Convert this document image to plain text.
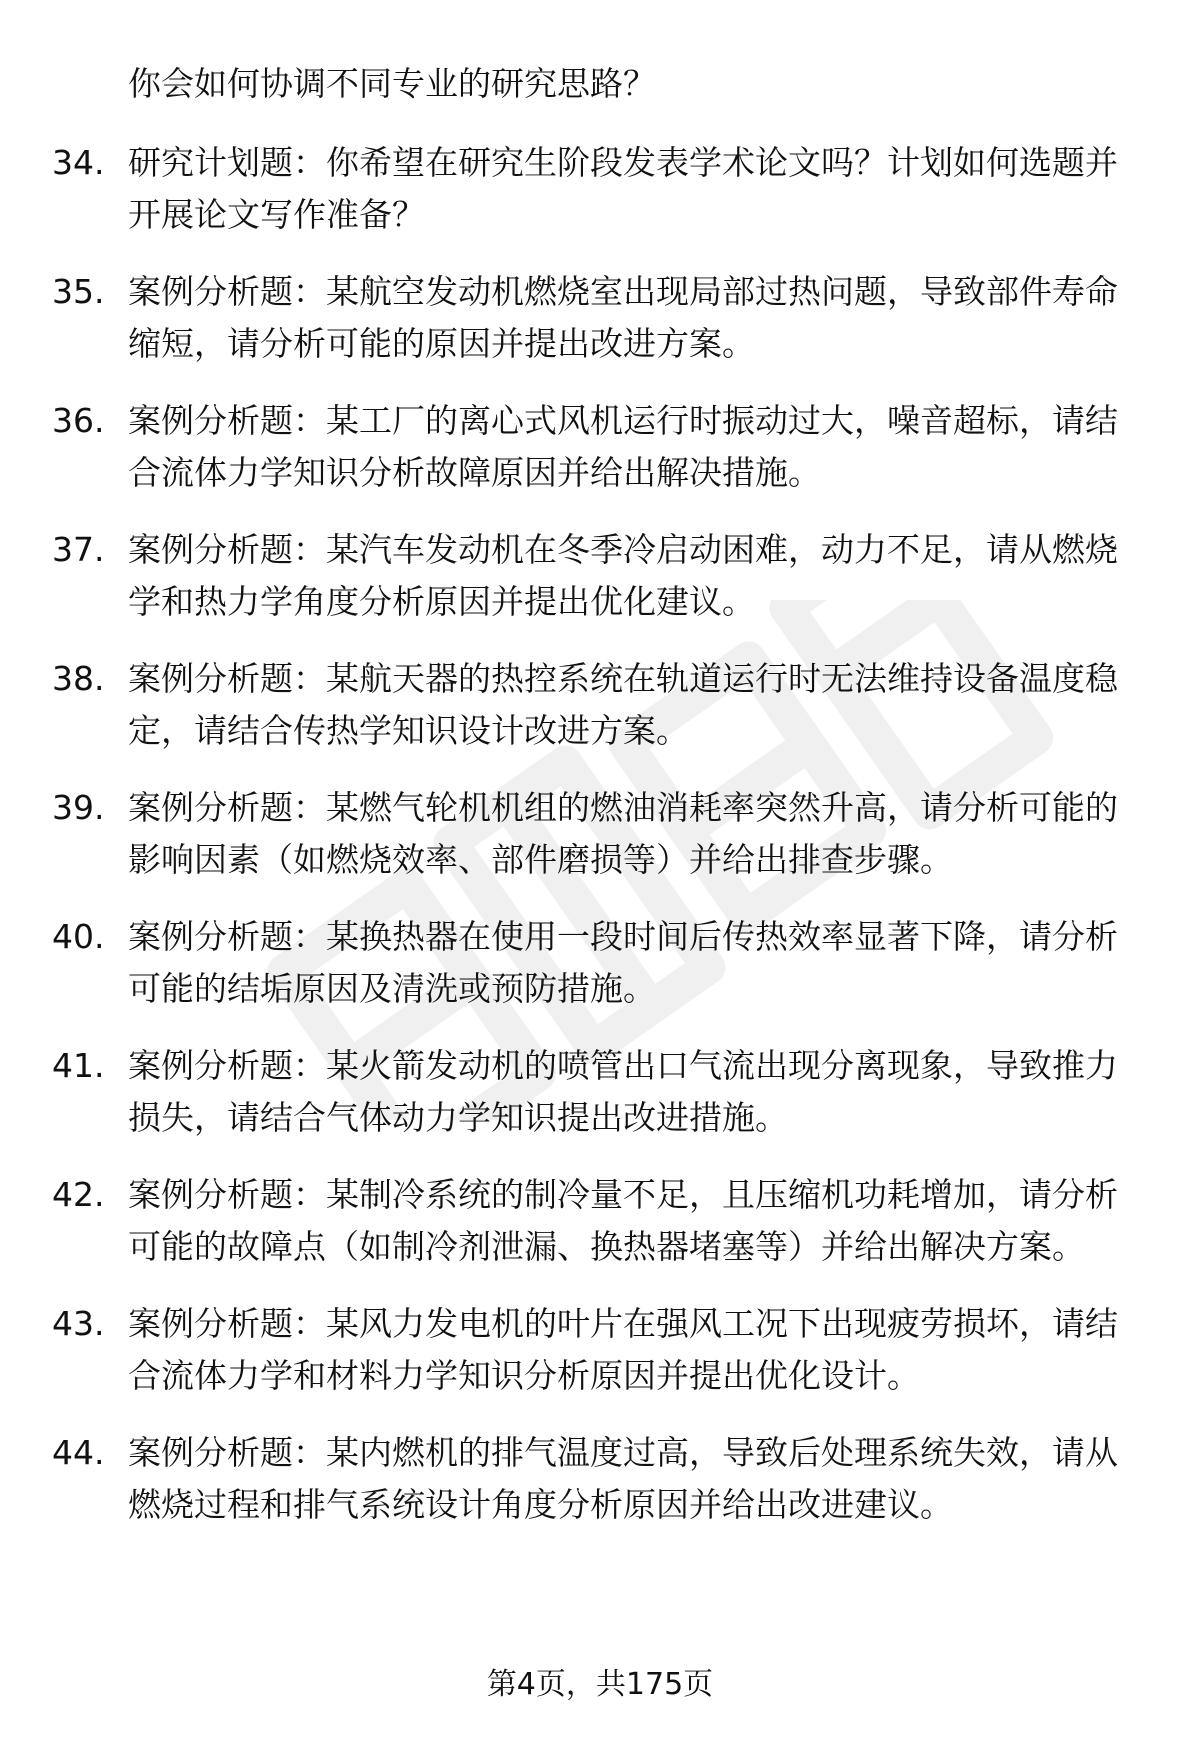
你会如何协调不同专业的研究思路？
34. 研究计划题：你希望在研究生阶段发表学术论文吗？计划如何选题并开展论文写作准备？
35. 案例分析题：某航空发动机燃烧室出现局部过热问题，导致部件寿命缩短，请分析可能的原因并提出改进方案。
36. 案例分析题：某工厂的离心式风机运行时振动过大，噪音超标，请结合流体力学知识分析故障原因并给出解决措施。
37. 案例分析题：某汽车发动机在冬季冷启动困难，动力不足，请从燃烧学和热力学角度分析原因并提出优化建议。
38. 案例分析题：某航天器的热控系统在轨道运行时无法维持设备温度稳定，请结合传热学知识设计改进方案。
39. 案例分析题：某燃气轮机机组的燃油消耗率突然升高，请分析可能的影响因素（如燃烧效率、部件磨损等）并给出排查步骤。
40. 案例分析题：某换热器在使用一段时间后传热效率显著下降，请分析可能的结垢原因及清洗或预防措施。
41. 案例分析题：某火箭发动机的喷管出口气流出现分离现象，导致推力损失，请结合气体动力学知识提出改进措施。
42. 案例分析题：某制冷系统的制冷量不足，且压缩机功耗增加，请分析可能的故障点（如制冷剂泄漏、换热器堵塞等）并给出解决方案。
43. 案例分析题：某风力发电机的叶片在强风工况下出现疲劳损坏，请结合流体力学和材料力学知识分析原因并提出优化设计。
44. 案例分析题：某内燃机的排气温度过高，导致后处理系统失效，请从燃烧过程和排气系统设计角度分析原因并给出改进建议。
第4页，共175页
